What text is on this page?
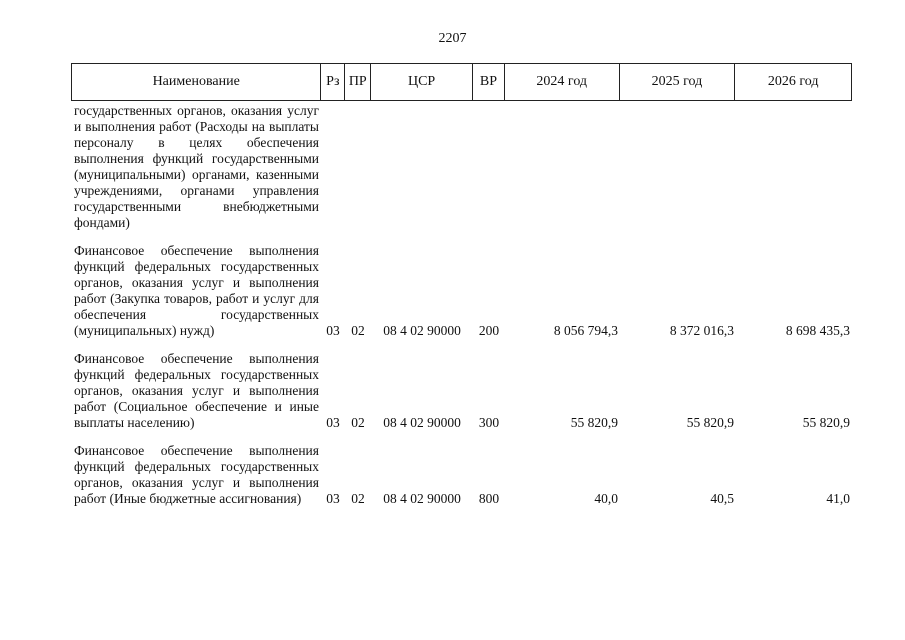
2207
Наименование	Рз ПР	ЦСР	ВР	2024 год	2025 год	2026 год
государственных органов, оказания услуг и выполнения работ (Расходы на выплаты персоналу в целях обеспечения выполнения функций государственными (муниципальными) органами, казенными учреждениями, органами управления государственными внебюджетными фондами)
Финансовое обеспечение выполнения функций федеральных государственных органов, оказания услуг и выполнения работ (Закупка товаров, работ и услуг для обеспечения государственных (муниципальных) нужд)	03 02	08 4 02 90000	200	8 056 794,3	8 372 016,3	8 698 435,3
Финансовое обеспечение выполнения функций федеральных государственных органов, оказания услуг и выполнения работ (Социальное обеспечение и иные выплаты населению)	03 02	08 4 02 90000	300	55 820,9	55 820,9	55 820,9
Финансовое обеспечение выполнения функций федеральных государственных органов, оказания услуг и выполнения работ (Иные бюджетные ассигнования)	03 02	08 4 02 90000	800	40,0	40,5	41,0
